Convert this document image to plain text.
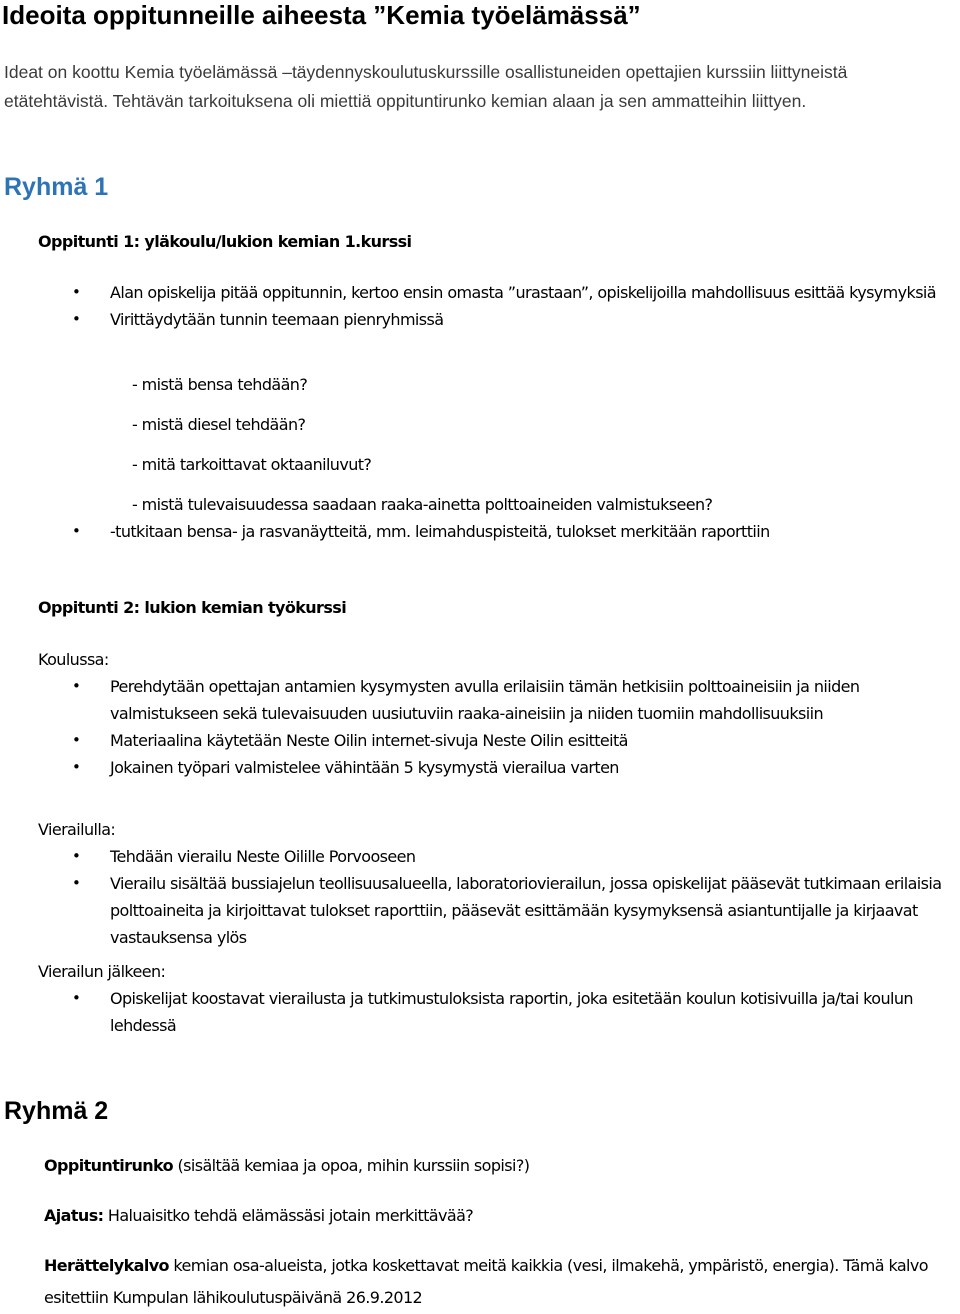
Ideoita oppitunneille aiheesta ”Kemia työelämässä”

Ideat on koottu Kemia työelämässä –täydennyskoulutuskurssille osallistuneiden opettajien kurssiin liittyneistä etätehtävistä. Tehtävän tarkoituksena oli miettiä oppituntirunko kemian alaan ja sen ammatteihin liittyen.

Ryhmä 1

Oppitunti 1: yläkoulu/lukion kemian 1.kurssi

• Alan opiskelija pitää oppitunnin, kertoo ensin omasta ”urastaan”, opiskelijoilla mahdollisuus esittää kysymyksiä
• Virittäydytään tunnin teemaan pienryhmissä

- mistä bensa tehdään?

- mistä diesel tehdään?

- mitä tarkoittavat oktaaniluvut?

- mistä tulevaisuudessa saadaan raaka-ainetta polttoaineiden valmistukseen?

• -tutkitaan bensa- ja rasvanäytteitä, mm. leimahduspisteitä, tulokset merkitään raporttiin

Oppitunti 2: lukion kemian työkurssi

Koulussa:

• Perehdytään opettajan antamien kysymysten avulla erilaisiin tämän hetkisiin polttoaineisiin ja niiden valmistukseen sekä tulevaisuuden uusiutuviin raaka-aineisiin ja niiden tuomiin mahdollisuuksiin
• Materiaalina käytetään Neste Oilin internet-sivuja Neste Oilin esitteitä
• Jokainen työpari valmistelee vähintään 5 kysymystä vierailua varten

Vierailulla:

• Tehdään vierailu Neste Oilille Porvooseen
• Vierailu sisältää bussiajelun teollisuusalueella, laboratoriovierailun, jossa opiskelijat pääsevät tutkimaan erilaisia polttoaineita ja kirjoittavat tulokset raporttiin, pääsevät esittämään kysymyksensä asiantuntijalle ja kirjaavat vastauksensa ylös

Vierailun jälkeen:

• Opiskelijat koostavat vierailusta ja tutkimustuloksista raportin, joka esitetään koulun kotisivuilla ja/tai koulun lehdessä
Ryhmä 2

Oppituntirunko (sisältää kemiaa ja opoa, mihin kurssiin sopisi?)

Ajatus: Haluaisitko tehdä elämässäsi jotain merkittävää?

Herättelykalvo kemian osa-alueista, jotka koskettavat meitä kaikkia (vesi, ilmakehä, ympäristö, energia). Tämä kalvo esitettiin Kumpulan lähikoulutuspäivänä 26.9.2012
